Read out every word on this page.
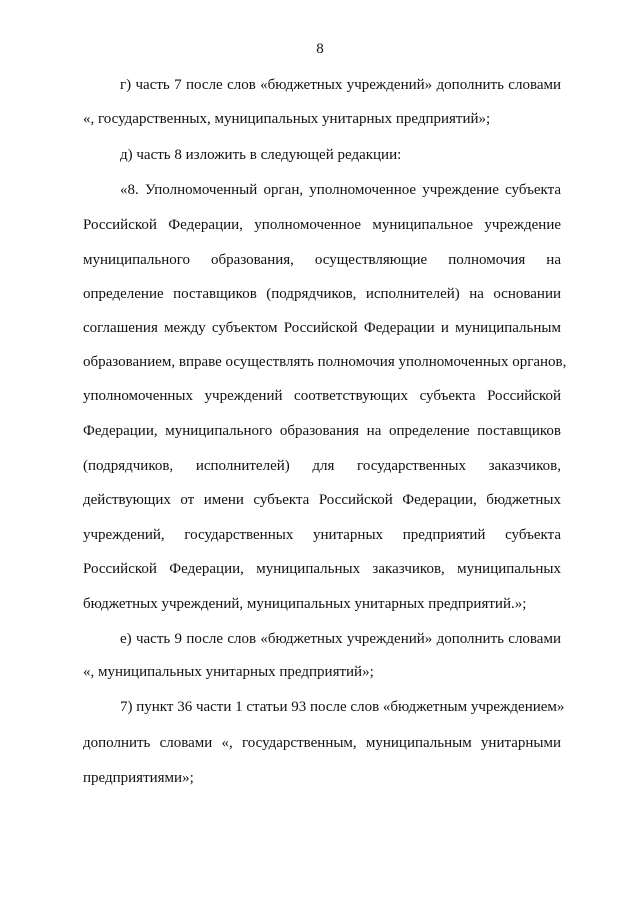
8
г) часть 7 после слов «бюджетных учреждений» дополнить словами
«, государственных, муниципальных унитарных предприятий»;
д) часть 8 изложить в следующей редакции:
«8. Уполномоченный орган, уполномоченное учреждение субъекта
Российской Федерации, уполномоченное муниципальное учреждение
муниципального образования, осуществляющие полномочия на
определение поставщиков (подрядчиков, исполнителей) на основании
соглашения между субъектом Российской Федерации и муниципальным
образованием, вправе осуществлять полномочия уполномоченных органов,
уполномоченных учреждений соответствующих субъекта Российской
Федерации, муниципального образования на определение поставщиков
(подрядчиков, исполнителей) для государственных заказчиков,
действующих от имени субъекта Российской Федерации, бюджетных
учреждений, государственных унитарных предприятий субъекта
Российской Федерации, муниципальных заказчиков, муниципальных
бюджетных учреждений, муниципальных унитарных предприятий.»;
е) часть 9 после слов «бюджетных учреждений» дополнить словами
«, муниципальных унитарных предприятий»;
7) пункт 36 части 1 статьи 93 после слов «бюджетным учреждением»
дополнить словами «, государственным, муниципальным унитарными
предприятиями»;
